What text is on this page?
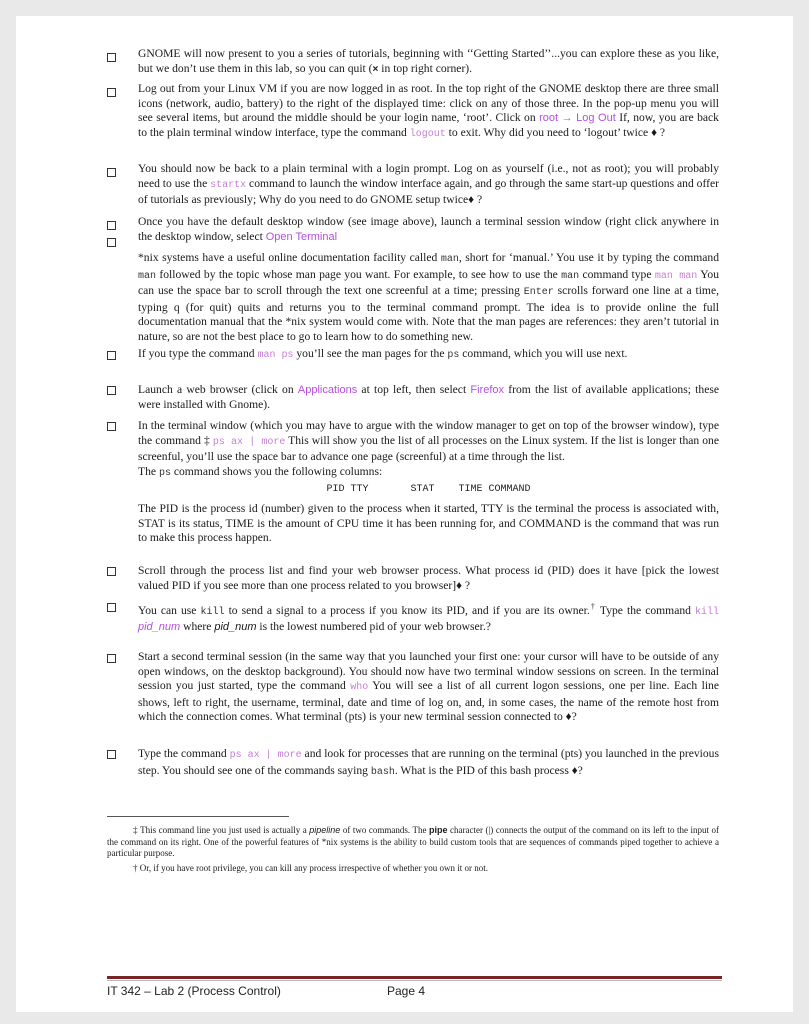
GNOME will now present to you a series of tutorials, beginning with ‘‘Getting Started’’...you can explore these as you like, but we don’t use them in this lab, so you can quit (× in top right corner).

Log out from your Linux VM if you are now logged in as root. In the top right of the GNOME desktop there are three small icons (network, audio, battery) to the right of the displayed time: click on any of those three. In the pop-up menu you will see several items, but around the middle should be your login name, ‘root’. Click on root → Log Out If, now, you are back to the plain terminal window interface, type the command logout to exit. Why did you need to ‘logout’ twice ♦ ?

You should now be back to a plain terminal with a login prompt. Log on as yourself (i.e., not as root); you will probably need to use the startx command to launch the window interface again, and go through the same start-up questions and offer of tutorials as previously; Why do you need to do GNOME setup twice♦ ?

Once you have the default desktop window (see image above), launch a terminal session window (right click anywhere in the desktop window, select Open Terminal

*nix systems have a useful online documentation facility called man, short for ‘manual.’ You use it by typing the command man followed by the topic whose man page you want. For example, to see how to use the man command type man man You can use the space bar to scroll through the text one screenful at a time; pressing Enter scrolls forward one line at a time, typing q (for quit) quits and returns you to the terminal command prompt. The idea is to provide online the full documentation manual that the *nix system would come with. Note that the man pages are references: they aren’t tutorial in nature, so are not the best place to go to learn how to do something new.

If you type the command man ps you’ll see the man pages for the ps command, which you will use next.

Launch a web browser (click on Applications at top left, then select Firefox from the list of available applications; these were installed with Gnome).

In the terminal window (which you may have to argue with the window manager to get on top of the browser window), type the command ‡ ps ax | more This will show you the list of all processes on the Linux system. If the list is longer than one screenful, you’ll use the space bar to advance one page (screenful) at a time through the list.

The ps command shows you the following columns:

PID TTY       STAT    TIME COMMAND

The PID is the process id (number) given to the process when it started, TTY is the terminal the process is associated with, STAT is its status, TIME is the amount of CPU time it has been running for, and COMMAND is the command that was run to make this process happen.

Scroll through the process list and find your web browser process. What process id (PID) does it have [pick the lowest valued PID if you see more than one process related to you browser]♦ ?

You can use kill to send a signal to a process if you know its PID, and if you are its owner.† Type the command kill pid_num where pid_num is the lowest numbered pid of your web browser.?

Start a second terminal session (in the same way that you launched your first one: your cursor will have to be outside of any open windows, on the desktop background). You should now have two terminal window sessions on screen. In the terminal session you just started, type the command who You will see a list of all current logon sessions, one per line. Each line shows, left to right, the username, terminal, date and time of log on, and, in some cases, the name of the remote host from which the connection comes. What terminal (pts) is your new terminal session connected to ♦?

Type the command ps ax | more and look for processes that are running on the terminal (pts) you launched in the previous step. You should see one of the commands saying bash. What is the PID of this bash process ♦?

‡ This command line you just used is actually a pipeline of two commands. The pipe character (|) connects the output of the command on its left to the input of the command on its right. One of the powerful features of *nix systems is the ability to build custom tools that are sequences of commands piped together to achieve a particular purpose.

† Or, if you have root privilege, you can kill any process irrespective of whether you own it or not.

IT 342 – Lab 2 (Process Control)	Page 4
